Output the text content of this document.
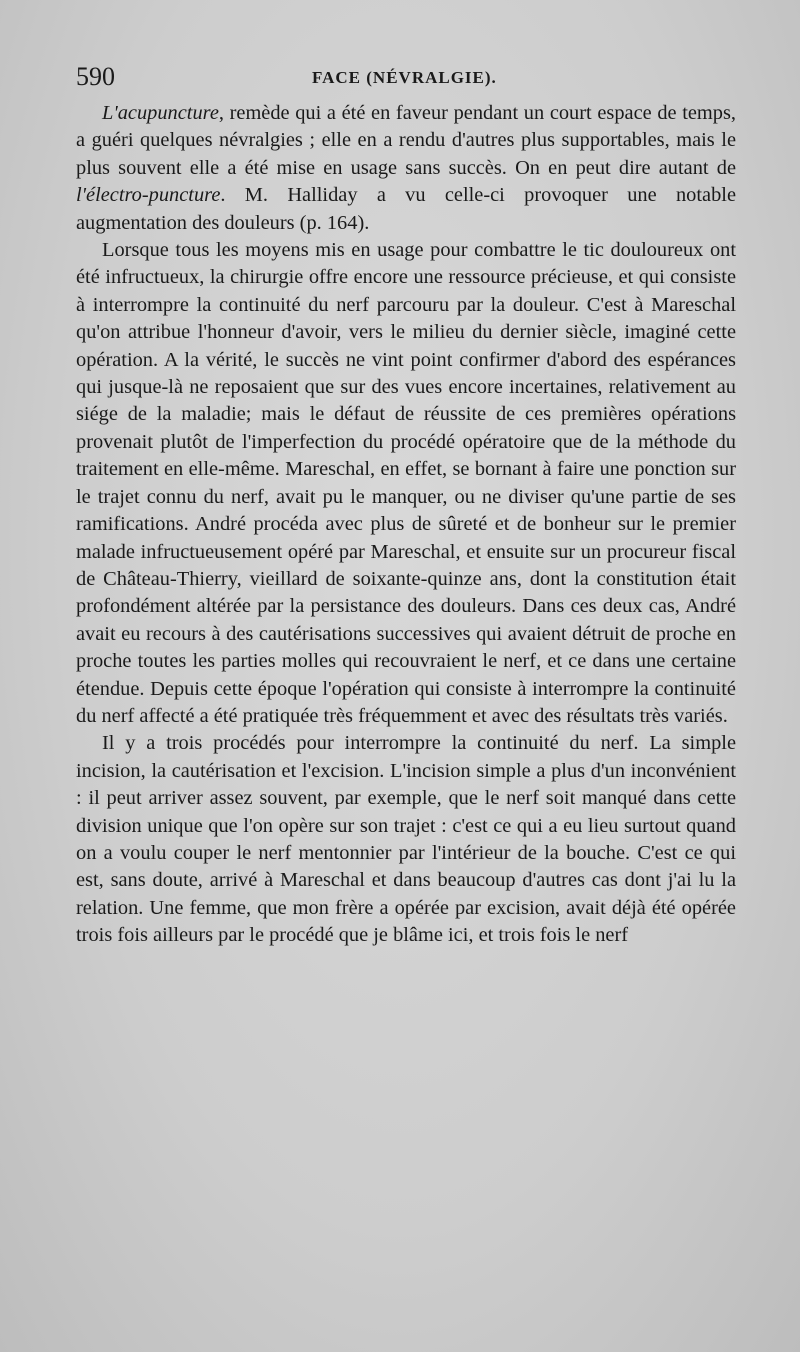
590	FACE (NÉVRALGIE).

L'acupuncture, remède qui a été en faveur pendant un court espace de temps, a guéri quelques névralgies ; elle en a rendu d'autres plus supportables, mais le plus souvent elle a été mise en usage sans succès. On en peut dire autant de l'électro-puncture. M. Halliday a vu celle-ci provoquer une notable augmentation des douleurs (p. 164).

Lorsque tous les moyens mis en usage pour combattre le tic douloureux ont été infructueux, la chirurgie offre encore une ressource précieuse, et qui consiste à interrompre la continuité du nerf parcouru par la douleur. C'est à Mareschal qu'on attribue l'honneur d'avoir, vers le milieu du dernier siècle, imaginé cette opération. A la vérité, le succès ne vint point confirmer d'abord des espérances qui jusque-là ne reposaient que sur des vues encore incertaines, relativement au siége de la maladie; mais le défaut de réussite de ces premières opérations provenait plutôt de l'imperfection du procédé opératoire que de la méthode du traitement en elle-même. Mareschal, en effet, se bornant à faire une ponction sur le trajet connu du nerf, avait pu le manquer, ou ne diviser qu'une partie de ses ramifications. André procéda avec plus de sûreté et de bonheur sur le premier malade infructueusement opéré par Mareschal, et ensuite sur un procureur fiscal de Château-Thierry, vieillard de soixante-quinze ans, dont la constitution était profondément altérée par la persistance des douleurs. Dans ces deux cas, André avait eu recours à des cautérisations successives qui avaient détruit de proche en proche toutes les parties molles qui recouvraient le nerf, et ce dans une certaine étendue. Depuis cette époque l'opération qui consiste à interrompre la continuité du nerf affecté a été pratiquée très fréquemment et avec des résultats très variés.

Il y a trois procédés pour interrompre la continuité du nerf. La simple incision, la cautérisation et l'excision. L'incision simple a plus d'un inconvénient : il peut arriver assez souvent, par exemple, que le nerf soit manqué dans cette division unique que l'on opère sur son trajet : c'est ce qui a eu lieu surtout quand on a voulu couper le nerf mentonnier par l'intérieur de la bouche. C'est ce qui est, sans doute, arrivé à Mareschal et dans beaucoup d'autres cas dont j'ai lu la relation. Une femme, que mon frère a opérée par excision, avait déjà été opérée trois fois ailleurs par le procédé que je blâme ici, et trois fois le nerf
